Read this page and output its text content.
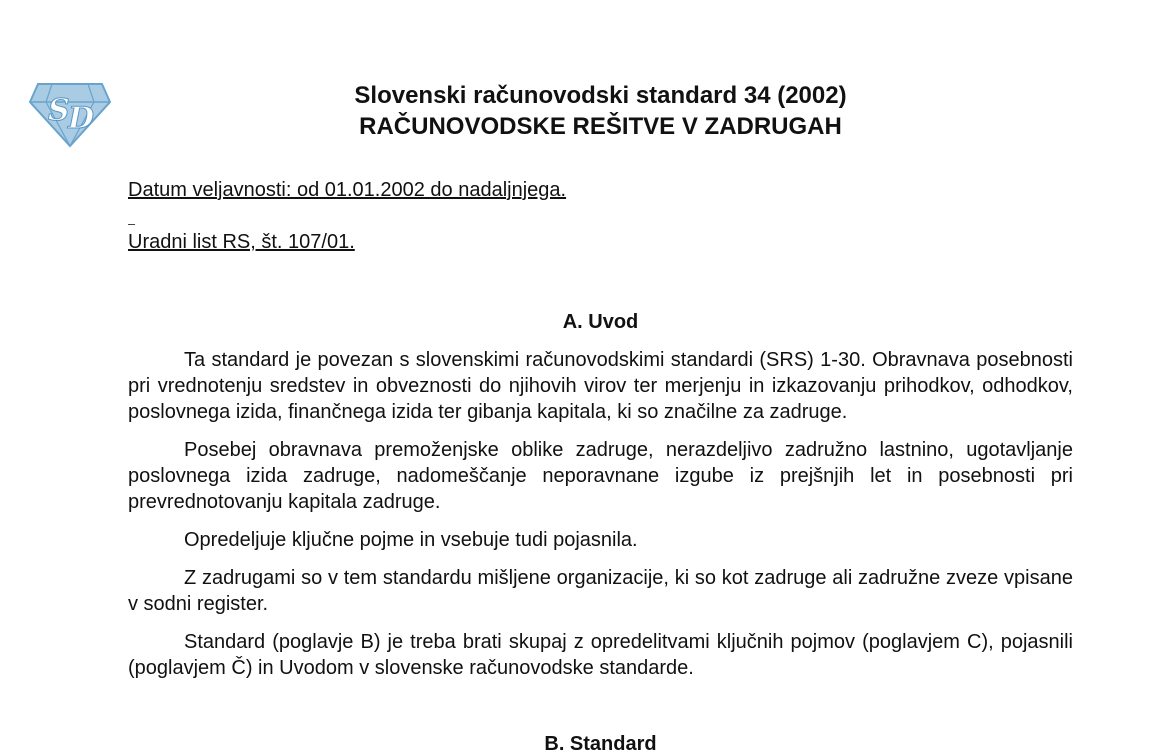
S
D
Slovenski računovodski standard 34 (2002)
RAČUNOVODSKE REŠITVE V ZADRUGAH
Datum veljavnosti: od 01.01.2002 do nadaljnjega.
Uradni list RS, št. 107/01.
A. Uvod

Ta standard je povezan s slovenskimi računovodskimi standardi (SRS) 1-30. Obravnava posebnosti pri vrednotenju sredstev in obveznosti do njihovih virov ter merjenju in izkazovanju prihodkov, odhodkov, poslovnega izida, finančnega izida ter gibanja kapitala, ki so značilne za zadruge.

Posebej obravnava premoženjske oblike zadruge, nerazdeljivo zadružno lastnino, ugotavljanje poslovnega izida zadruge, nadomeščanje neporavnane izgube iz prejšnjih let in posebnosti pri prevrednotovanju kapitala zadruge.

Opredeljuje ključne pojme in vsebuje tudi pojasnila.

Z zadrugami so v tem standardu mišljene organizacije, ki so kot zadruge ali zadružne zveze vpisane v sodni register.

Standard (poglavje B) je treba brati skupaj z opredelitvami ključnih pojmov (poglavjem C), pojasnili (poglavjem Č) in Uvodom v slovenske računovodske standarde.

B. Standard
